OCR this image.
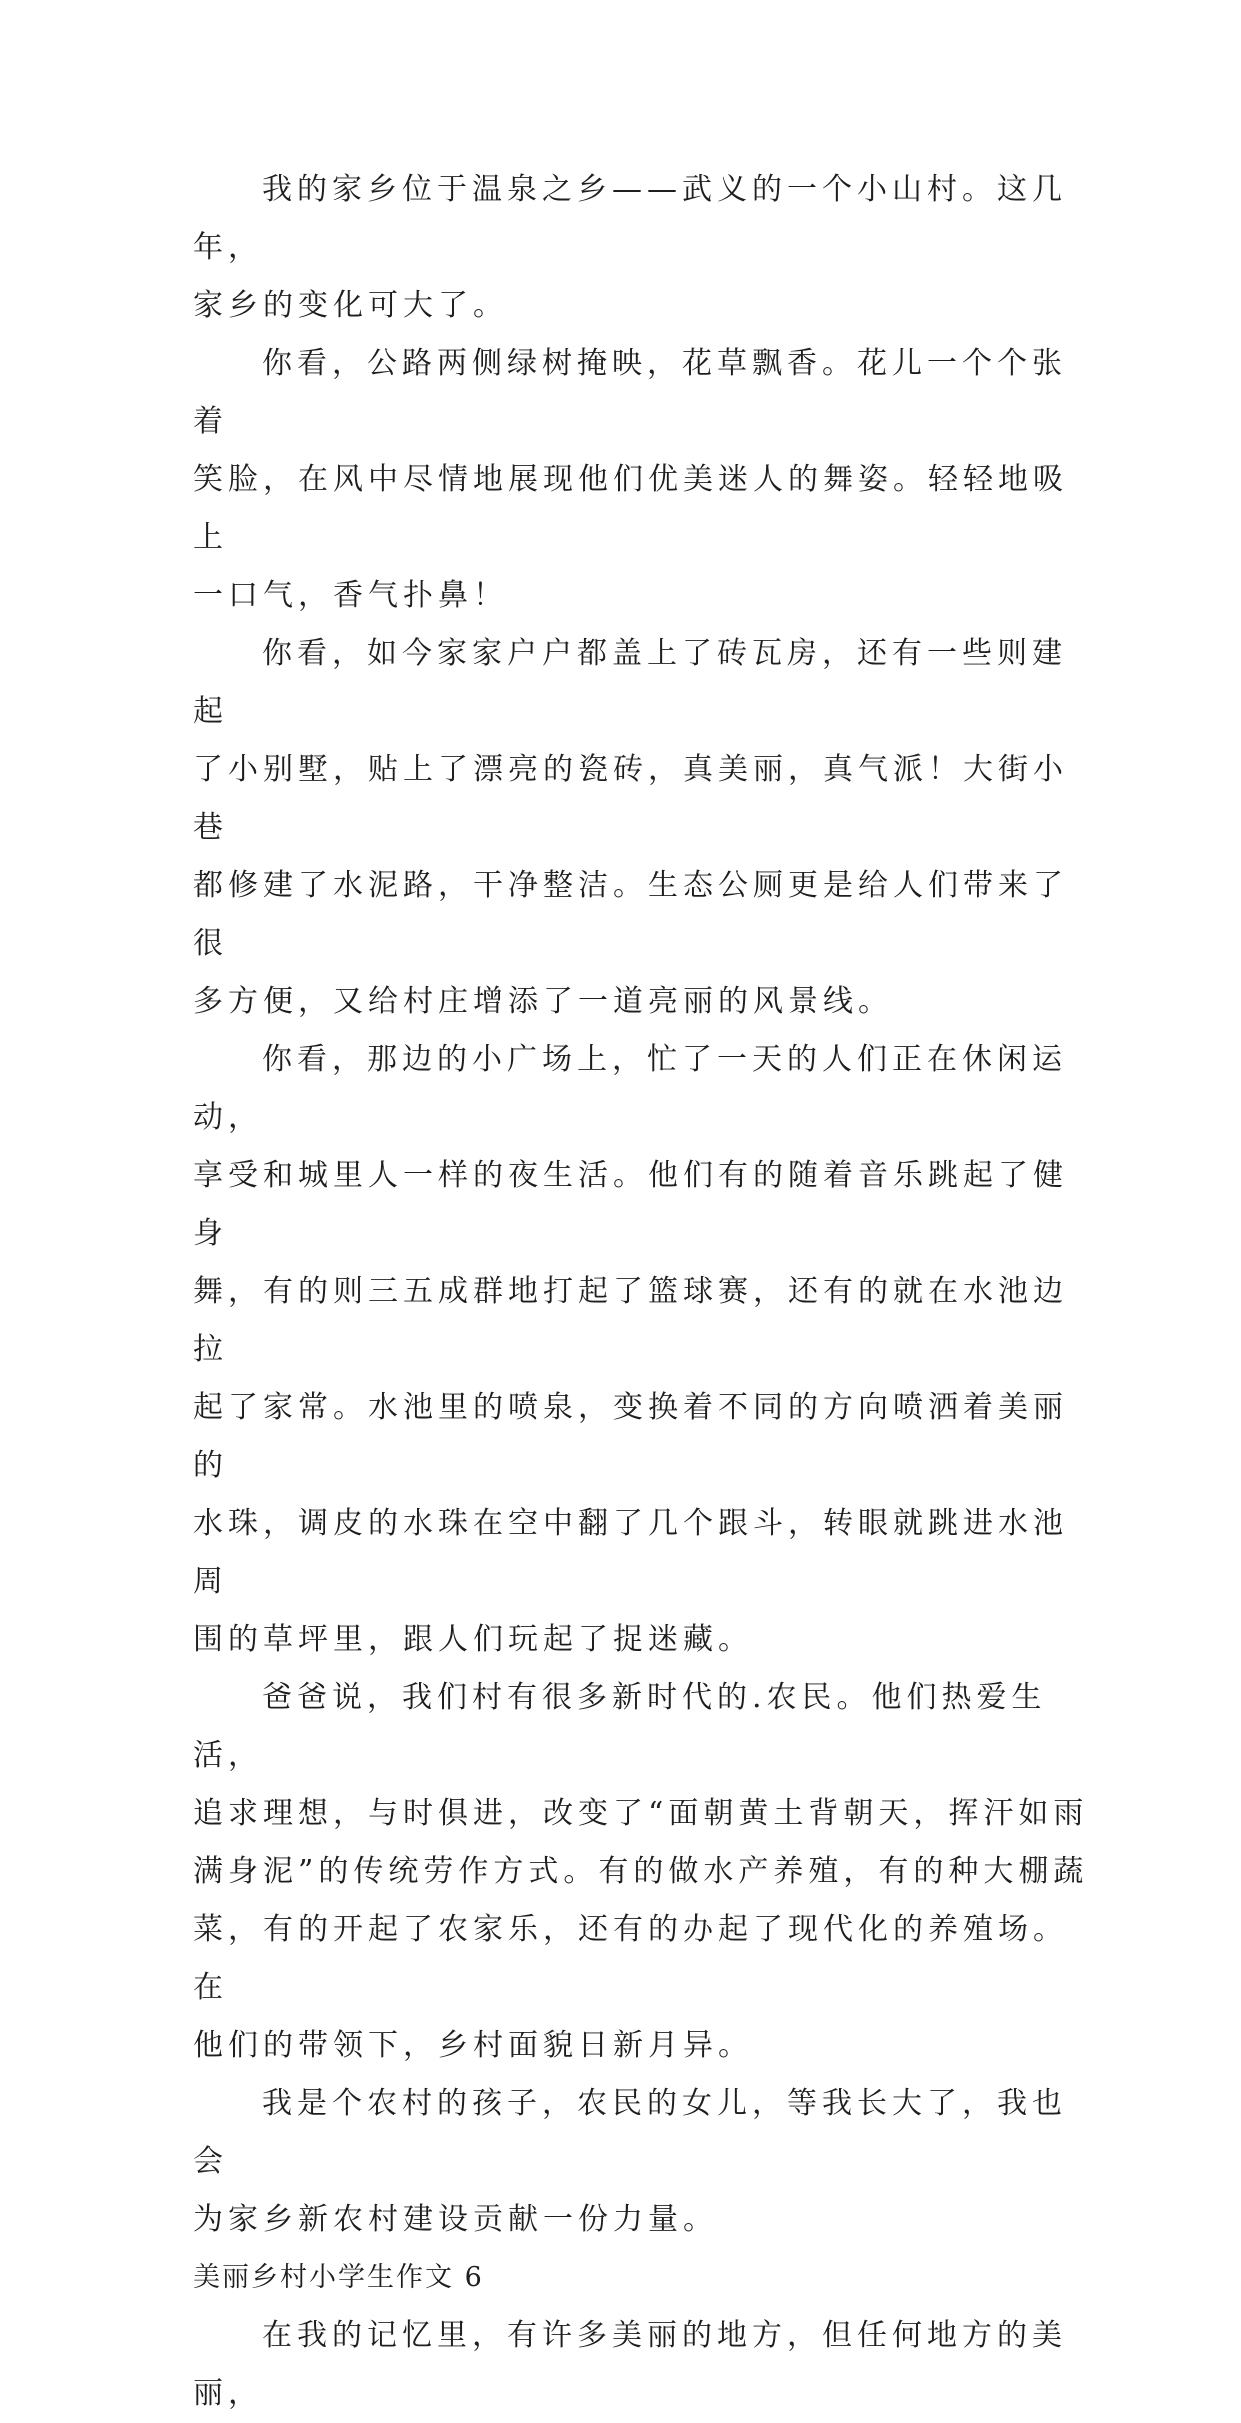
我的家乡位于温泉之乡——武义的一个小山村。这几年，
家乡的变化可大了。

你看，公路两侧绿树掩映，花草飘香。花儿一个个张着
笑脸，在风中尽情地展现他们优美迷人的舞姿。轻轻地吸上
一口气，香气扑鼻！

你看，如今家家户户都盖上了砖瓦房，还有一些则建起
了小别墅，贴上了漂亮的瓷砖，真美丽，真气派！大街小巷
都修建了水泥路，干净整洁。生态公厕更是给人们带来了很
多方便，又给村庄增添了一道亮丽的风景线。

你看，那边的小广场上，忙了一天的人们正在休闲运动，
享受和城里人一样的夜生活。他们有的随着音乐跳起了健身
舞，有的则三五成群地打起了篮球赛，还有的就在水池边拉
起了家常。水池里的喷泉，变换着不同的方向喷洒着美丽的
水珠，调皮的水珠在空中翻了几个跟斗，转眼就跳进水池周
围的草坪里，跟人们玩起了捉迷藏。

爸爸说，我们村有很多新时代的.农民。他们热爱生活，
追求理想，与时俱进，改变了“面朝黄土背朝天，挥汗如雨
满身泥”的传统劳作方式。有的做水产养殖，有的种大棚蔬
菜，有的开起了农家乐，还有的办起了现代化的养殖场。在
他们的带领下，乡村面貌日新月异。

我是个农村的孩子，农民的女儿，等我长大了，我也会
为家乡新农村建设贡献一份力量。

美丽乡村小学生作文 6

在我的记忆里，有许多美丽的地方，但任何地方的美丽，
